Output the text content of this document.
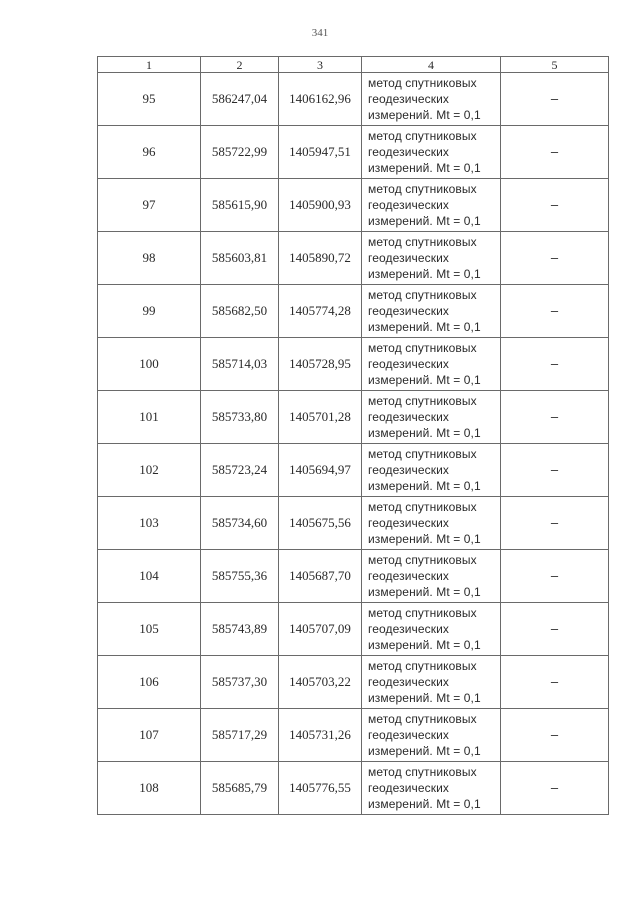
341
1	2	3	4	5
95	586247,04	1406162,96	метод спутниковых
геодезических
измерений. Mt = 0,1	–
96	585722,99	1405947,51	метод спутниковых
геодезических
измерений. Mt = 0,1	–
97	585615,90	1405900,93	метод спутниковых
геодезических
измерений. Mt = 0,1	–
98	585603,81	1405890,72	метод спутниковых
геодезических
измерений. Mt = 0,1	–
99	585682,50	1405774,28	метод спутниковых
геодезических
измерений. Mt = 0,1	–
100	585714,03	1405728,95	метод спутниковых
геодезических
измерений. Mt = 0,1	–
101	585733,80	1405701,28	метод спутниковых
геодезических
измерений. Mt = 0,1	–
102	585723,24	1405694,97	метод спутниковых
геодезических
измерений. Mt = 0,1	–
103	585734,60	1405675,56	метод спутниковых
геодезических
измерений. Mt = 0,1	–
104	585755,36	1405687,70	метод спутниковых
геодезических
измерений. Mt = 0,1	–
105	585743,89	1405707,09	метод спутниковых
геодезических
измерений. Mt = 0,1	–
106	585737,30	1405703,22	метод спутниковых
геодезических
измерений. Mt = 0,1	–
107	585717,29	1405731,26	метод спутниковых
геодезических
измерений. Mt = 0,1	–
108	585685,79	1405776,55	метод спутниковых
геодезических
измерений. Mt = 0,1	–
